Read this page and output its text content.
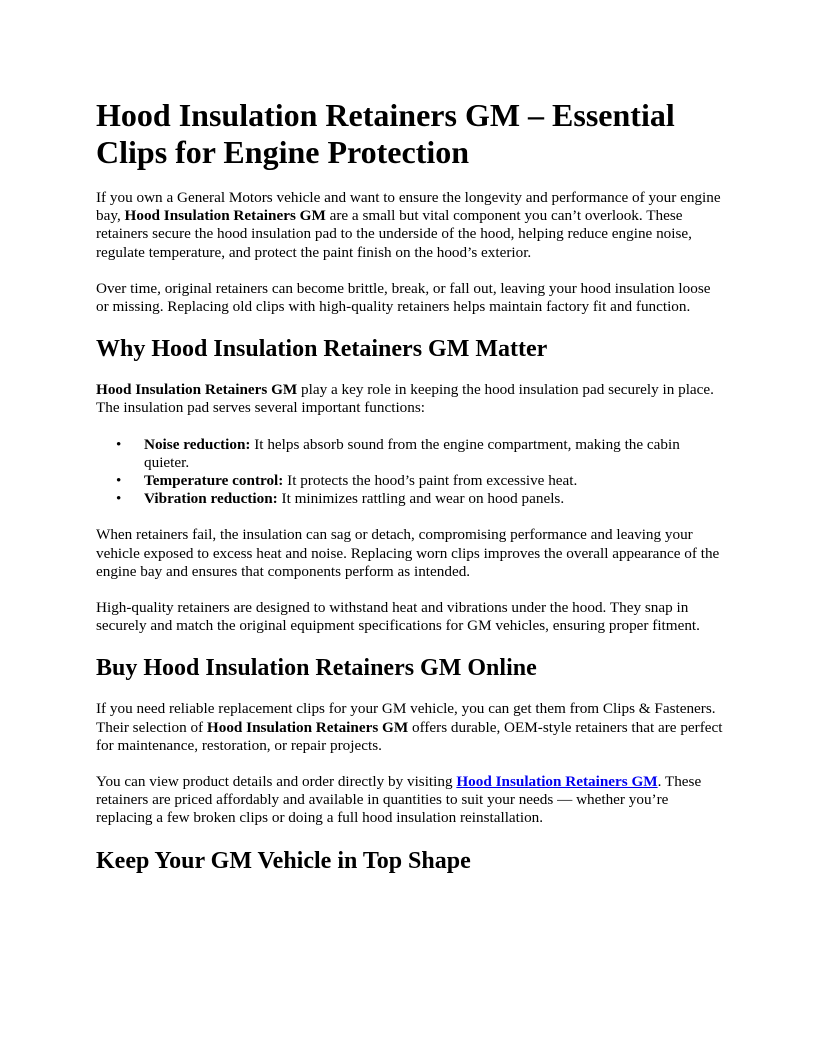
Hood Insulation Retainers GM – Essential Clips for Engine Protection

If you own a General Motors vehicle and want to ensure the longevity and performance of your engine bay, Hood Insulation Retainers GM are a small but vital component you can’t overlook. These retainers secure the hood insulation pad to the underside of the hood, helping reduce engine noise, regulate temperature, and protect the paint finish on the hood’s exterior.

Over time, original retainers can become brittle, break, or fall out, leaving your hood insulation loose or missing. Replacing old clips with high-quality retainers helps maintain factory fit and function.

Why Hood Insulation Retainers GM Matter

Hood Insulation Retainers GM play a key role in keeping the hood insulation pad securely in place. The insulation pad serves several important functions:

• Noise reduction: It helps absorb sound from the engine compartment, making the cabin quieter.
• Temperature control: It protects the hood’s paint from excessive heat.
• Vibration reduction: It minimizes rattling and wear on hood panels.

When retainers fail, the insulation can sag or detach, compromising performance and leaving your vehicle exposed to excess heat and noise. Replacing worn clips improves the overall appearance of the engine bay and ensures that components perform as intended.

High-quality retainers are designed to withstand heat and vibrations under the hood. They snap in securely and match the original equipment specifications for GM vehicles, ensuring proper fitment.

Buy Hood Insulation Retainers GM Online

If you need reliable replacement clips for your GM vehicle, you can get them from Clips & Fasteners. Their selection of Hood Insulation Retainers GM offers durable, OEM-style retainers that are perfect for maintenance, restoration, or repair projects.

You can view product details and order directly by visiting Hood Insulation Retainers GM. These retainers are priced affordably and available in quantities to suit your needs — whether you’re replacing a few broken clips or doing a full hood insulation reinstallation.

Keep Your GM Vehicle in Top Shape
